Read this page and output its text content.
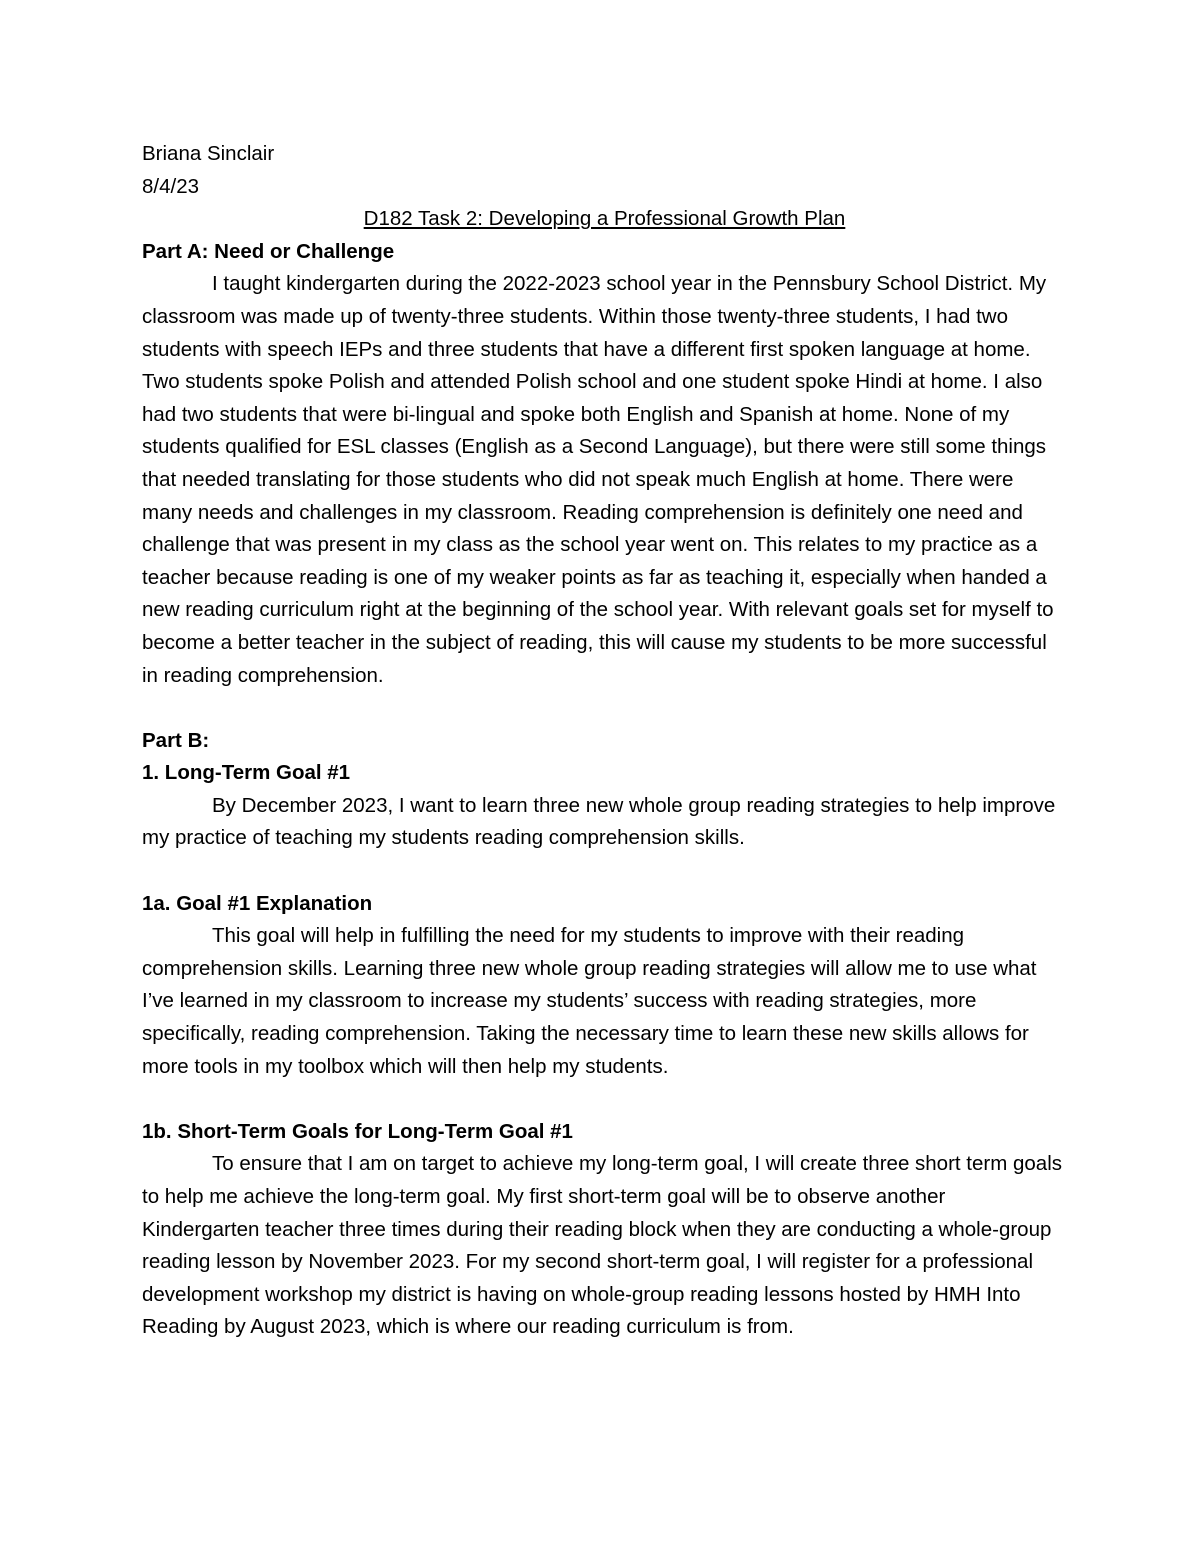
Briana Sinclair

8/4/23

D182 Task 2: Developing a Professional Growth Plan

Part A: Need or Challenge

I taught kindergarten during the 2022-2023 school year in the Pennsbury School District. My classroom was made up of twenty-three students. Within those twenty-three students, I had two students with speech IEPs and three students that have a different first spoken language at home. Two students spoke Polish and attended Polish school and one student spoke Hindi at home. I also had two students that were bi-lingual and spoke both English and Spanish at home. None of my students qualified for ESL classes (English as a Second Language), but there were still some things that needed translating for those students who did not speak much English at home. There were many needs and challenges in my classroom. Reading comprehension is definitely one need and challenge that was present in my class as the school year went on. This relates to my practice as a teacher because reading is one of my weaker points as far as teaching it, especially when handed a new reading curriculum right at the beginning of the school year. With relevant goals set for myself to become a better teacher in the subject of reading, this will cause my students to be more successful in reading comprehension.

Part B:

1. Long-Term Goal #1

By December 2023, I want to learn three new whole group reading strategies to help improve my practice of teaching my students reading comprehension skills.

1a. Goal #1 Explanation

This goal will help in fulfilling the need for my students to improve with their reading comprehension skills. Learning three new whole group reading strategies will allow me to use what I’ve learned in my classroom to increase my students’ success with reading strategies, more specifically, reading comprehension. Taking the necessary time to learn these new skills allows for more tools in my toolbox which will then help my students.

1b. Short-Term Goals for Long-Term Goal #1

To ensure that I am on target to achieve my long-term goal, I will create three short term goals to help me achieve the long-term goal. My first short-term goal will be to observe another Kindergarten teacher three times during their reading block when they are conducting a whole-group reading lesson by November 2023. For my second short-term goal, I will register for a professional development workshop my district is having on whole-group reading lessons hosted by HMH Into Reading by August 2023, which is where our reading curriculum is from.
